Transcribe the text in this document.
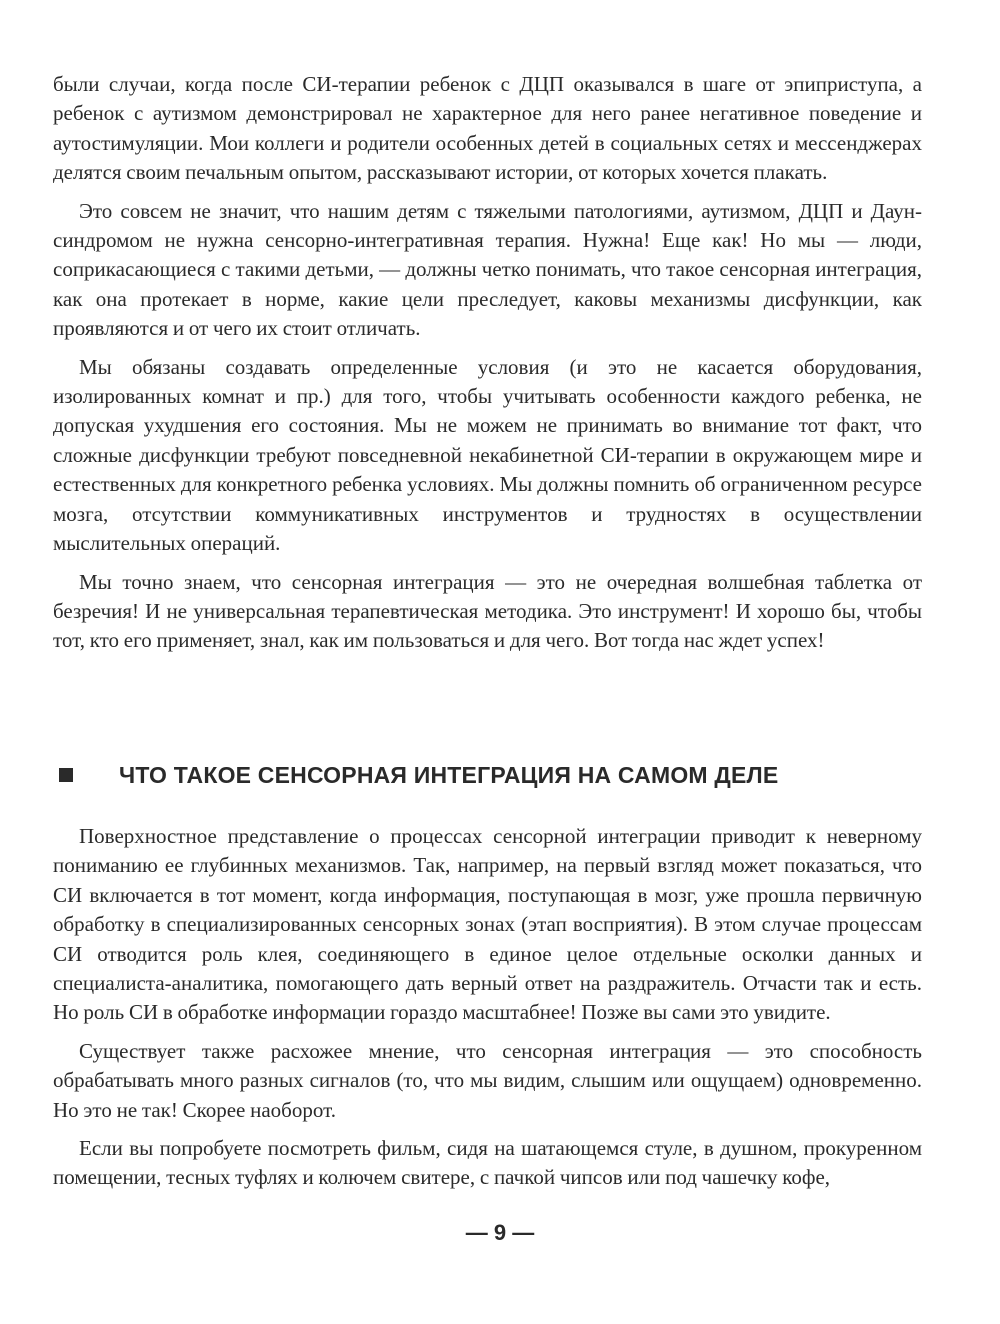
были случаи, когда после СИ-терапии ребенок с ДЦП оказывался в шаге от эпиприступа, а ребенок с аутизмом демонстрировал не характерное для него ранее негативное поведение и аутостимуляции. Мои коллеги и родители особенных детей в социальных сетях и мессенджерах делятся своим печальным опытом, рассказывают истории, от которых хочется плакать.

Это совсем не значит, что нашим детям с тяжелыми патологиями, аутизмом, ДЦП и Даун-синдромом не нужна сенсорно-интегративная терапия. Нужна! Еще как! Но мы — люди, соприкасающиеся с такими детьми, — должны четко понимать, что такое сенсорная интеграция, как она протекает в норме, какие цели преследует, каковы механизмы дисфункции, как проявляются и от чего их стоит отличать.

Мы обязаны создавать определенные условия (и это не касается оборудования, изолированных комнат и пр.) для того, чтобы учитывать особенности каждого ребенка, не допуская ухудшения его состояния. Мы не можем не принимать во внимание тот факт, что сложные дисфункции требуют повседневной некабинетной СИ-терапии в окружающем мире и естественных для конкретного ребенка условиях. Мы должны помнить об ограниченном ресурсе мозга, отсутствии коммуникативных инструментов и трудностях в осуществлении мыслительных операций.

Мы точно знаем, что сенсорная интеграция — это не очередная волшебная таблетка от безречия! И не универсальная терапевтическая методика. Это инструмент! И хорошо бы, чтобы тот, кто его применяет, знал, как им пользоваться и для чего. Вот тогда нас ждет успех!

ЧТО ТАКОЕ СЕНСОРНАЯ ИНТЕГРАЦИЯ НА САМОМ ДЕЛЕ

Поверхностное представление о процессах сенсорной интеграции приводит к неверному пониманию ее глубинных механизмов. Так, например, на первый взгляд может показаться, что СИ включается в тот момент, когда информация, поступающая в мозг, уже прошла первичную обработку в специализированных сенсорных зонах (этап восприятия). В этом случае процессам СИ отводится роль клея, соединяющего в единое целое отдельные осколки данных и специалиста-аналитика, помогающего дать верный ответ на раздражитель. Отчасти так и есть. Но роль СИ в обработке информации гораздо масштабнее! Позже вы сами это увидите.

Существует также расхожее мнение, что сенсорная интеграция — это способность обрабатывать много разных сигналов (то, что мы видим, слышим или ощущаем) одновременно. Но это не так! Скорее наоборот.

Если вы попробуете посмотреть фильм, сидя на шатающемся стуле, в душном, прокуренном помещении, тесных туфлях и колючем свитере, с пачкой чипсов или под чашечку кофе,

— 9 —
